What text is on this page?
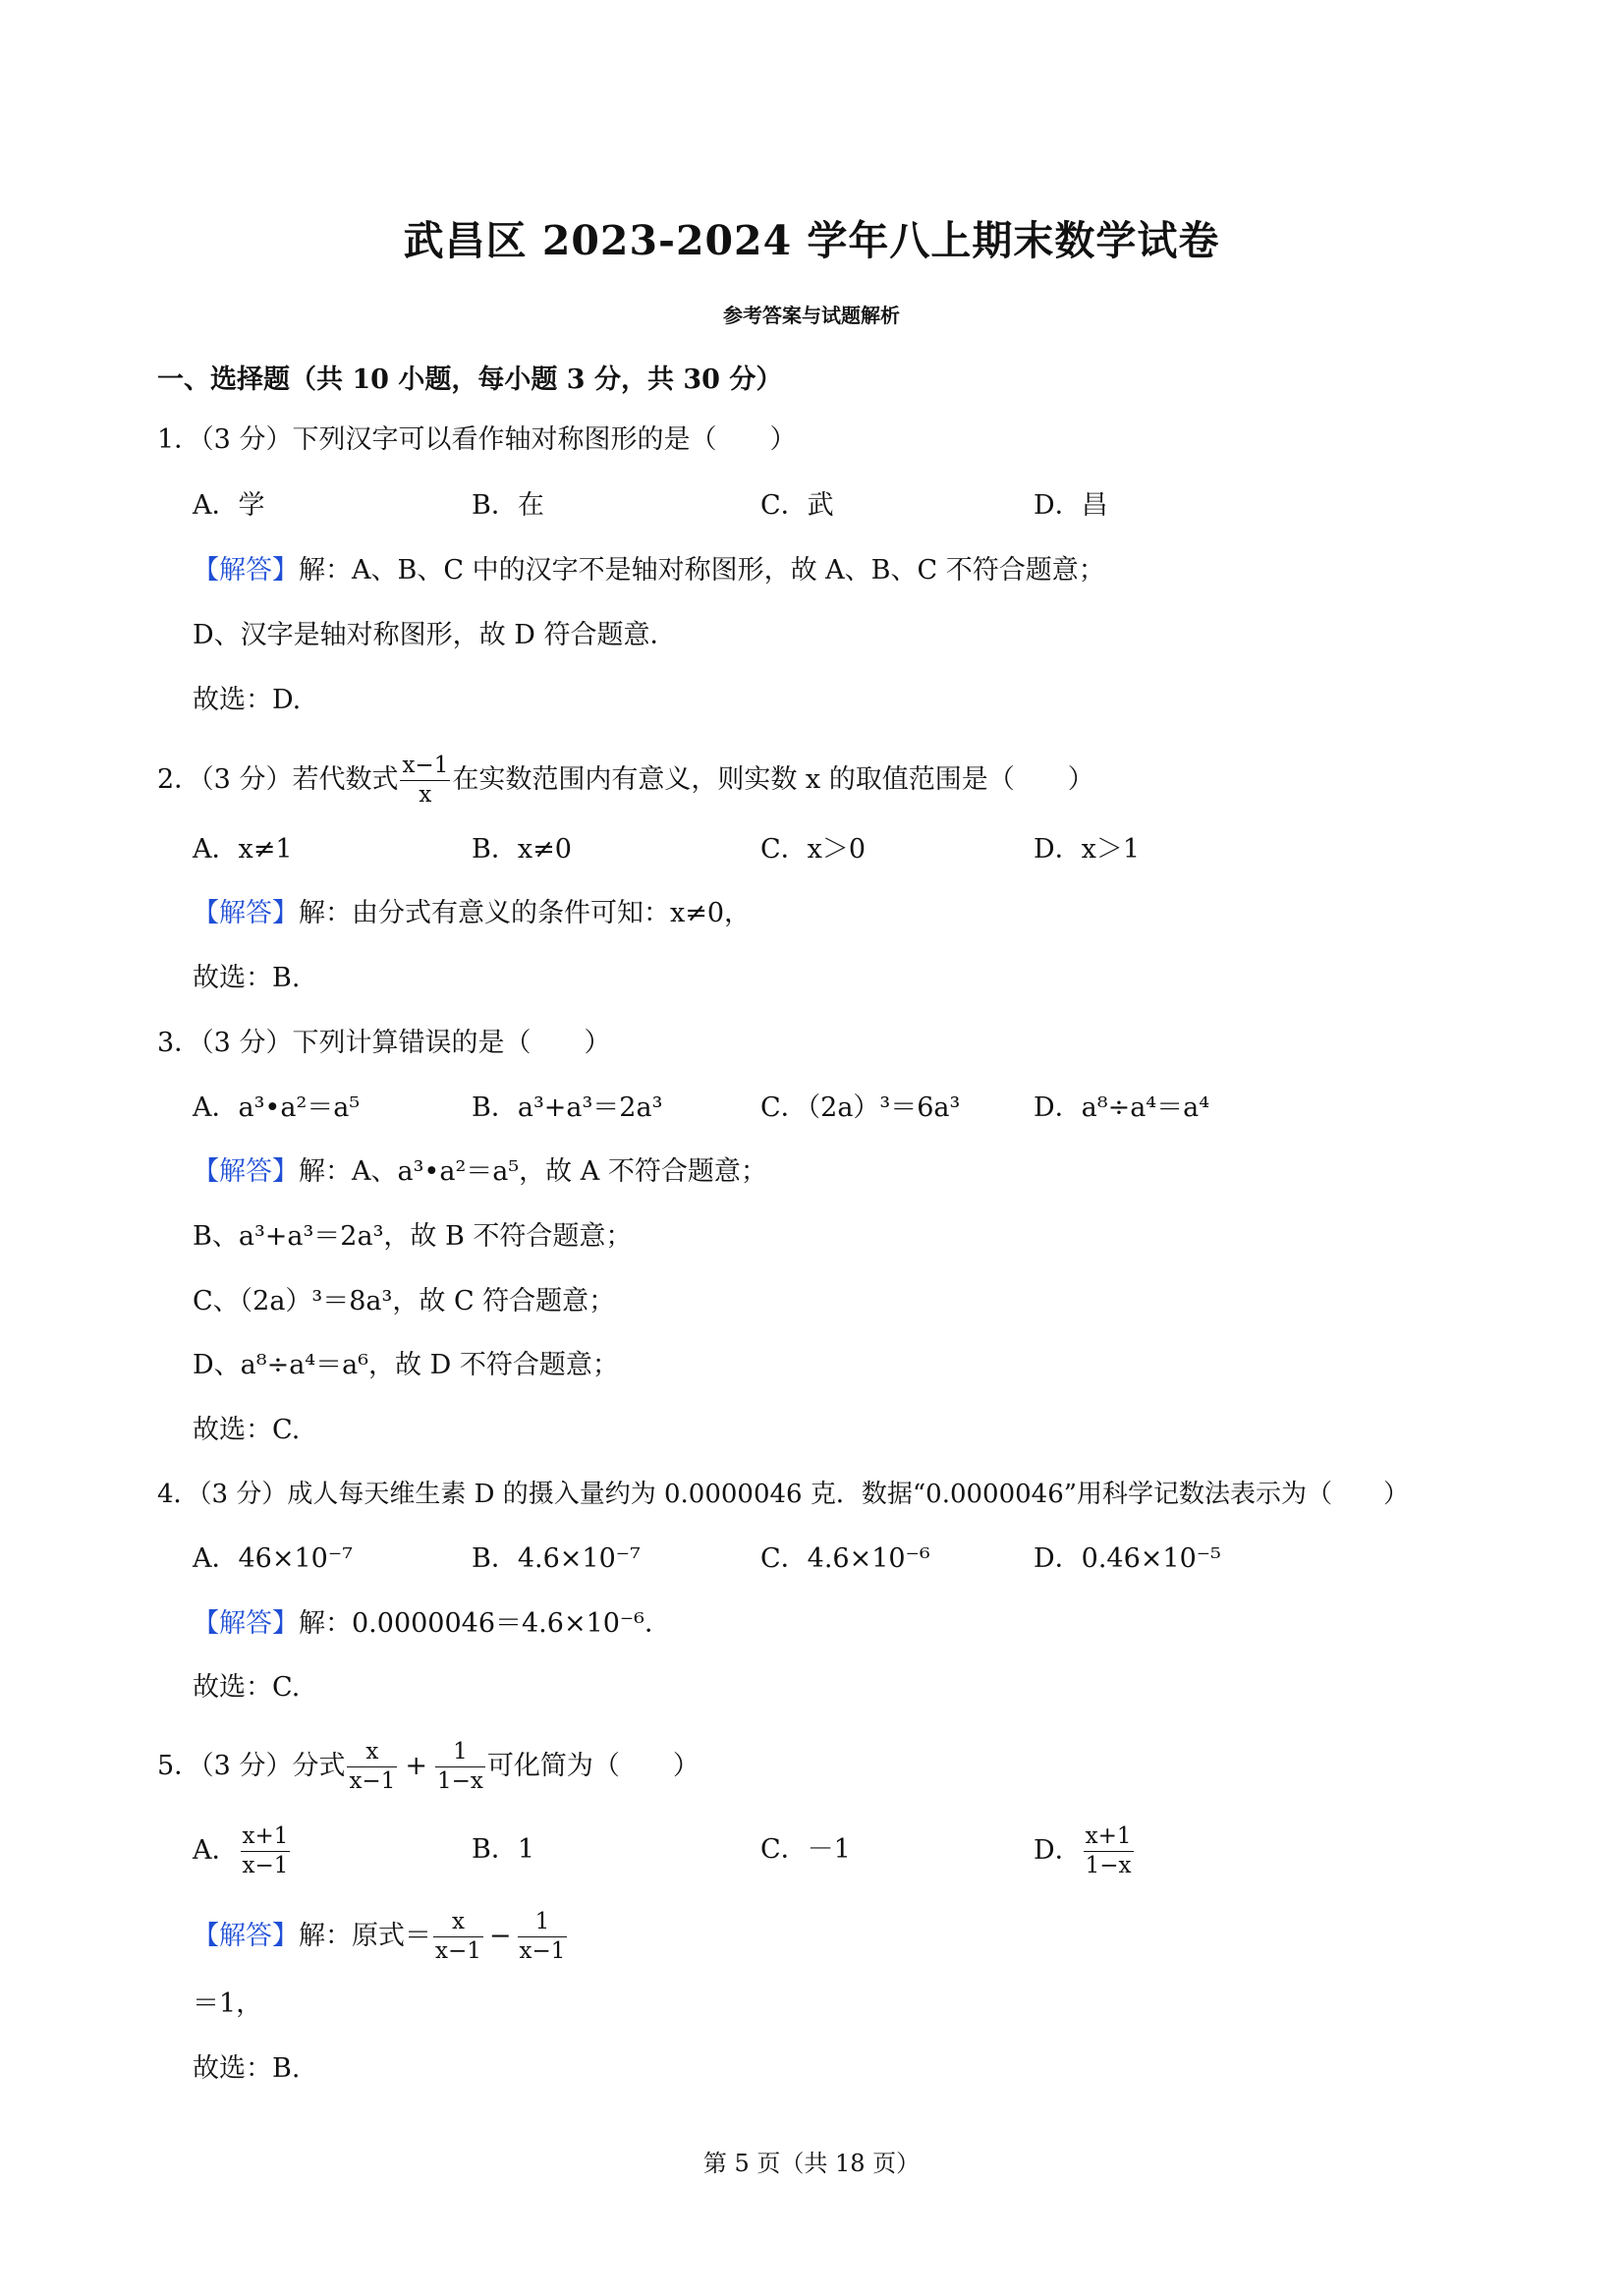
武昌区 2023-2024 学年八上期末数学试卷
参考答案与试题解析
一、选择题（共 10 小题，每小题 3 分，共 30 分）
1．（3 分）下列汉字可以看作轴对称图形的是（　　）
A．学	B．在	C．武	D．昌
【解答】解：A、B、C 中的汉字不是轴对称图形，故 A、B、C 不符合题意；
D、汉字是轴对称图形，故 D 符合题意．
故选：D.
2．（3 分）若代数式 $\frac{x-1}{x}$ 在实数范围内有意义，则实数 x 的取值范围是（　　）
A．x≠1	B．x≠0	C．x＞0	D．x＞1
【解答】解：由分式有意义的条件可知：x≠0，
故选：B.
3．（3 分）下列计算错误的是（　　）
A．a³•a²＝a⁵	B．a³+a³＝2a³	C．（2a）³＝6a³	D．a⁸÷a⁴＝a⁴
【解答】解：A、a³•a²＝a⁵，故 A 不符合题意；
B、a³+a³＝2a³，故 B 不符合题意；
C、（2a）³＝8a³，故 C 符合题意；
D、a⁸÷a⁴＝a⁶，故 D 不符合题意；
故选：C.
4．（3 分）成人每天维生素 D 的摄入量约为 0.0000046 克．数据“0.0000046”用科学记数法表示为（　　）
A．46×10⁻⁷	B．4.6×10⁻⁷	C．4.6×10⁻⁶	D．0.46×10⁻⁵
【解答】解：0.0000046＝4.6×10⁻⁶．
故选：C.
5．（3 分）分式 $\frac{x}{x-1} + \frac{1}{1-x}$ 可化简为（　　）
A． $\frac{x+1}{x-1}$	B．1	C．－1	D． $\frac{x+1}{1-x}$
【解答】解：原式＝ $\frac{x}{x-1} - \frac{1}{x-1}$
＝1，
故选：B.
第 5 页（共 18 页）
